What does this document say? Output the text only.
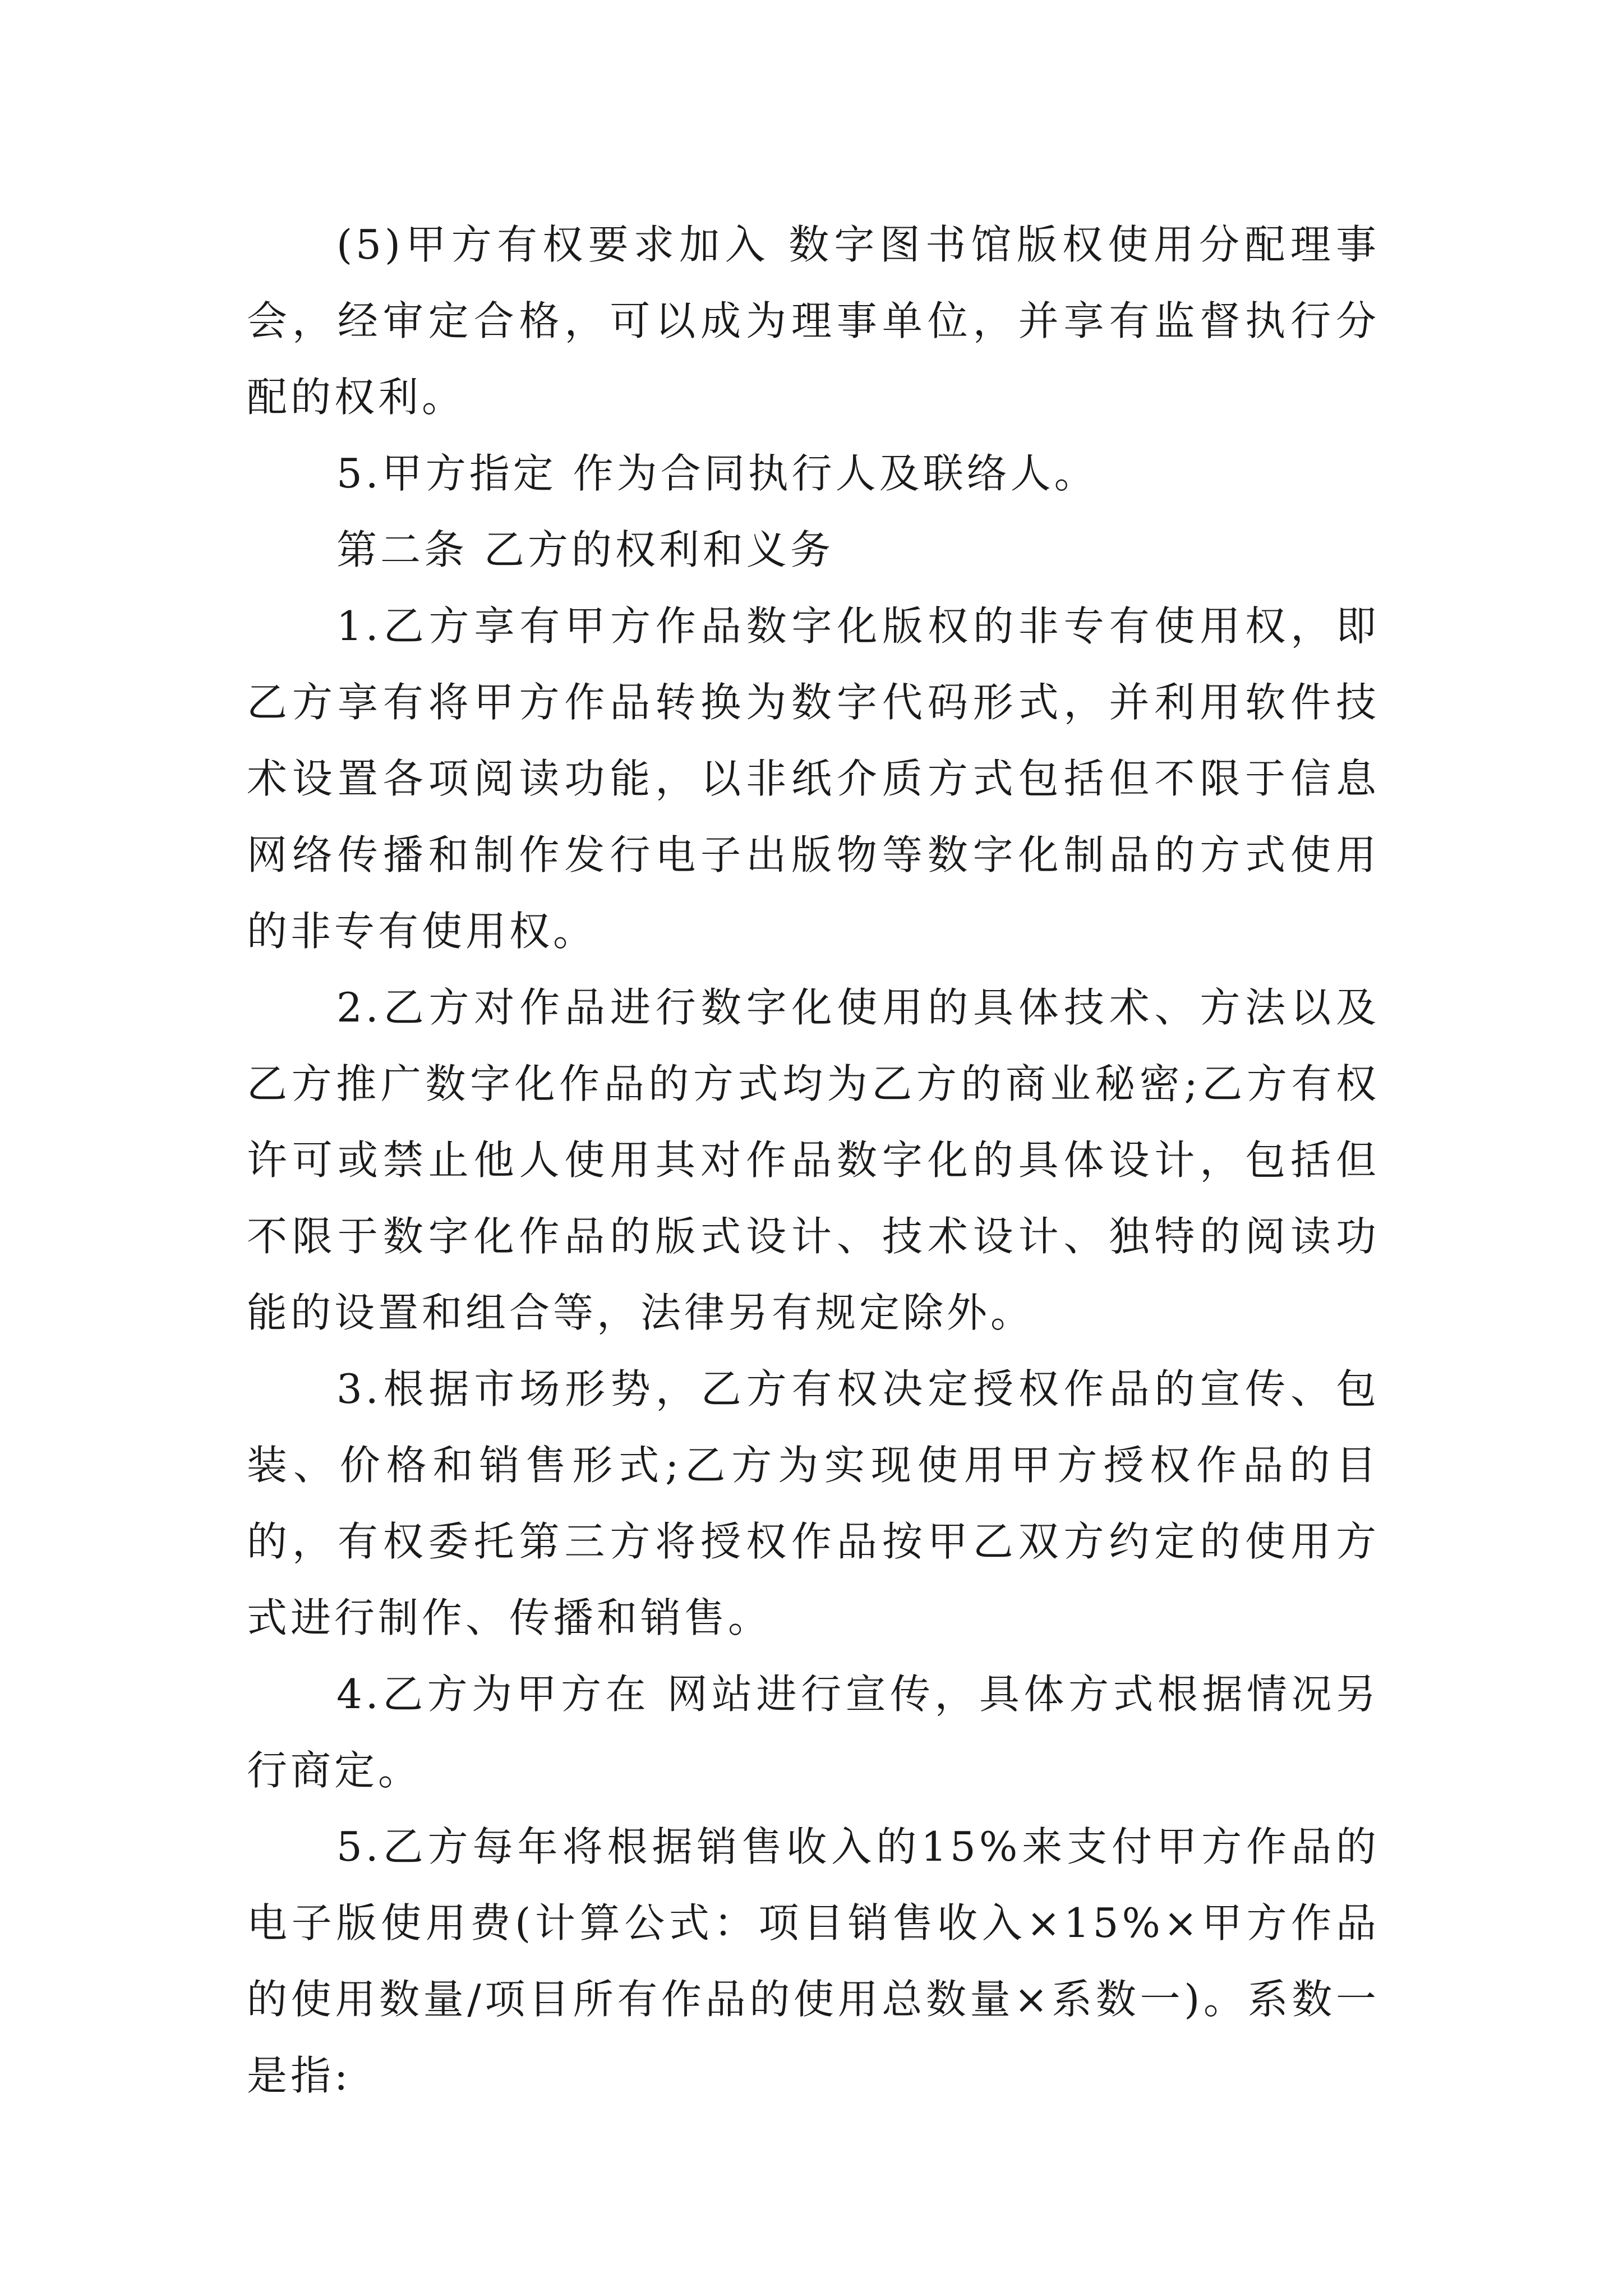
(5)甲方有权要求加入 数字图书馆版权使用分配理事会，经审定合格，可以成为理事单位，并享有监督执行分配的权利。

5.甲方指定 作为合同执行人及联络人。

第二条 乙方的权利和义务

1.乙方享有甲方作品数字化版权的非专有使用权，即乙方享有将甲方作品转换为数字代码形式，并利用软件技术设置各项阅读功能，以非纸介质方式包括但不限于信息网络传播和制作发行电子出版物等数字化制品的方式使用的非专有使用权。

2.乙方对作品进行数字化使用的具体技术、方法以及乙方推广数字化作品的方式均为乙方的商业秘密;乙方有权许可或禁止他人使用其对作品数字化的具体设计，包括但不限于数字化作品的版式设计、技术设计、独特的阅读功能的设置和组合等，法律另有规定除外。

3.根据市场形势，乙方有权决定授权作品的宣传、包装、价格和销售形式;乙方为实现使用甲方授权作品的目的，有权委托第三方将授权作品按甲乙双方约定的使用方式进行制作、传播和销售。

4.乙方为甲方在 网站进行宣传，具体方式根据情况另行商定。

5.乙方每年将根据销售收入的15%来支付甲方作品的电子版使用费(计算公式：项目销售收入×15%×甲方作品的使用数量/项目所有作品的使用总数量×系数一)。系数一是指:
